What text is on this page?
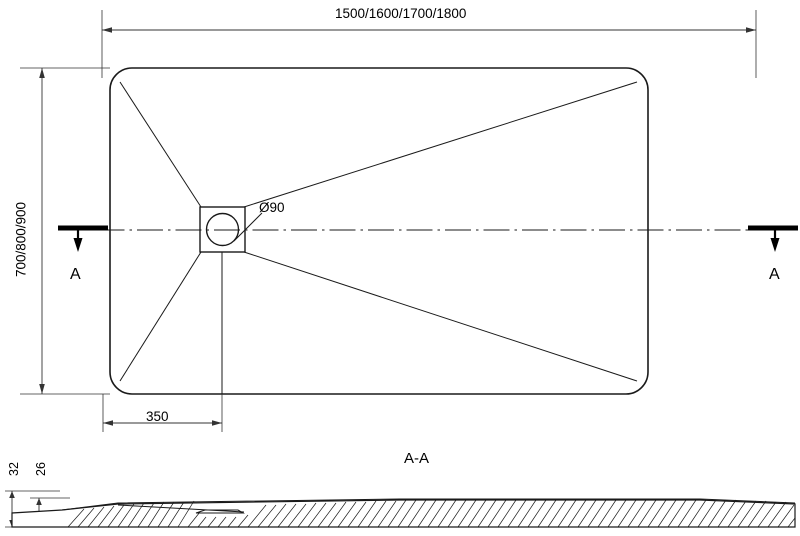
1500/1600/1700/1800
700/800/900	Ø90
350
A	A
A-A
32 26
